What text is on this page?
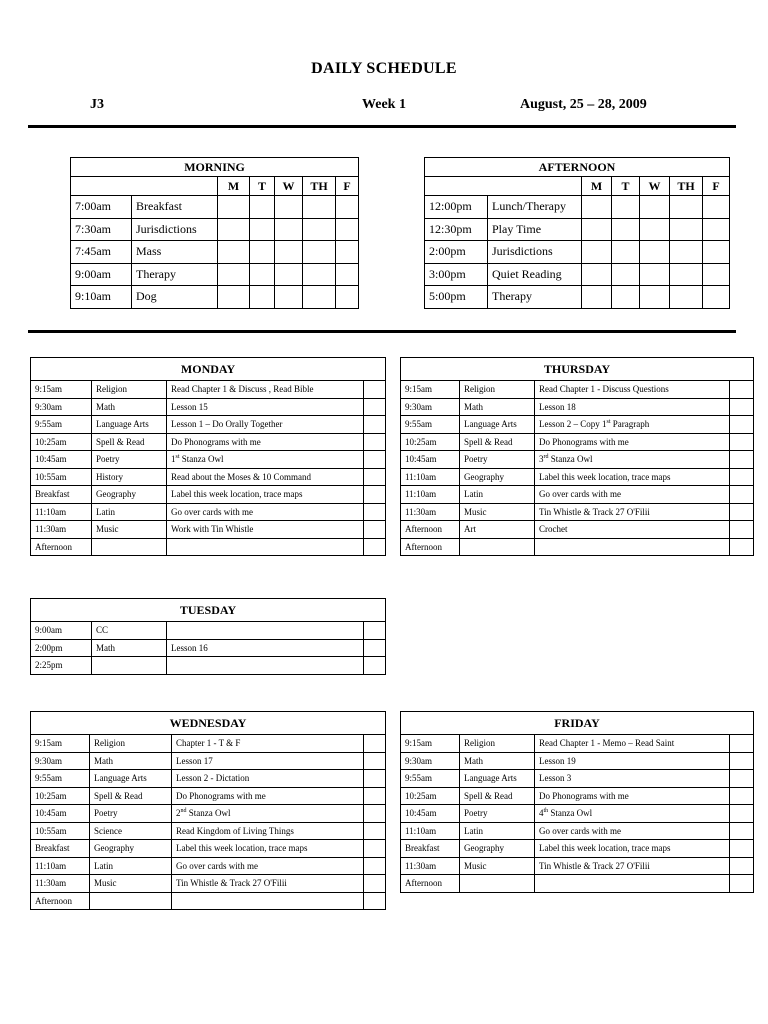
DAILY SCHEDULE
J3	Week 1	August, 25 – 28, 2009
MORNING						
		M	T	W	TH	F
7:00am	Breakfast					
7:30am	Jurisdictions					
7:45am	Mass					
9:00am	Therapy					
9:10am	Dog					
AFTERNOON						
		M	T	W	TH	F
12:00pm	Lunch/Therapy					
12:30pm	Play Time					
2:00pm	Jurisdictions					
3:00pm	Quiet Reading					
5:00pm	Therapy					
MONDAY			
9:15am	Religion	Read Chapter 1 & Discuss , Read Bible	
9:30am	Math	Lesson 15	
9:55am	Language Arts	Lesson 1 – Do Orally Together	
10:25am	Spell & Read	Do Phonograms with me	
10:45am	Poetry	1st Stanza Owl	
10:55am	History	Read about the Moses & 10 Command	
Breakfast	Geography	Label this week location, trace maps	
11:10am	Latin	Go over cards with me	
11:30am	Music	Work with Tin Whistle	
Afternoon			
THURSDAY			
9:15am	Religion	Read Chapter 1 - Discuss Questions	
9:30am	Math	Lesson 18	
9:55am	Language Arts	Lesson 2 – Copy 1st Paragraph	
10:25am	Spell & Read	Do Phonograms with me	
10:45am	Poetry	3rd Stanza Owl	
11:10am	Geography	Label this week location, trace maps	
11:10am	Latin	Go over cards with me	
11:30am	Music	Tin Whistle & Track 27 O'Filii	
Afternoon	Art	Crochet	
Afternoon			
TUESDAY			
9:00am	CC		
2:00pm	Math	Lesson 16	
2:25pm			
WEDNESDAY			
9:15am	Religion	Chapter 1 - T & F	
9:30am	Math	Lesson 17	
9:55am	Language Arts	Lesson 2 - Dictation	
10:25am	Spell & Read	Do Phonograms with me	
10:45am	Poetry	2nd Stanza Owl	
10:55am	Science	Read Kingdom of Living Things	
Breakfast	Geography	Label this week location, trace maps	
11:10am	Latin	Go over cards with me	
11:30am	Music	Tin Whistle & Track 27 O'Filii	
Afternoon			
FRIDAY			
9:15am	Religion	Read Chapter 1 - Memo – Read Saint	
9:30am	Math	Lesson 19	
9:55am	Language Arts	Lesson 3	
10:25am	Spell & Read	Do Phonograms with me	
10:45am	Poetry	4th Stanza Owl	
11:10am	Latin	Go over cards with me	
Breakfast	Geography	Label this week location, trace maps	
11:30am	Music	Tin Whistle & Track 27 O'Filii	
Afternoon			
